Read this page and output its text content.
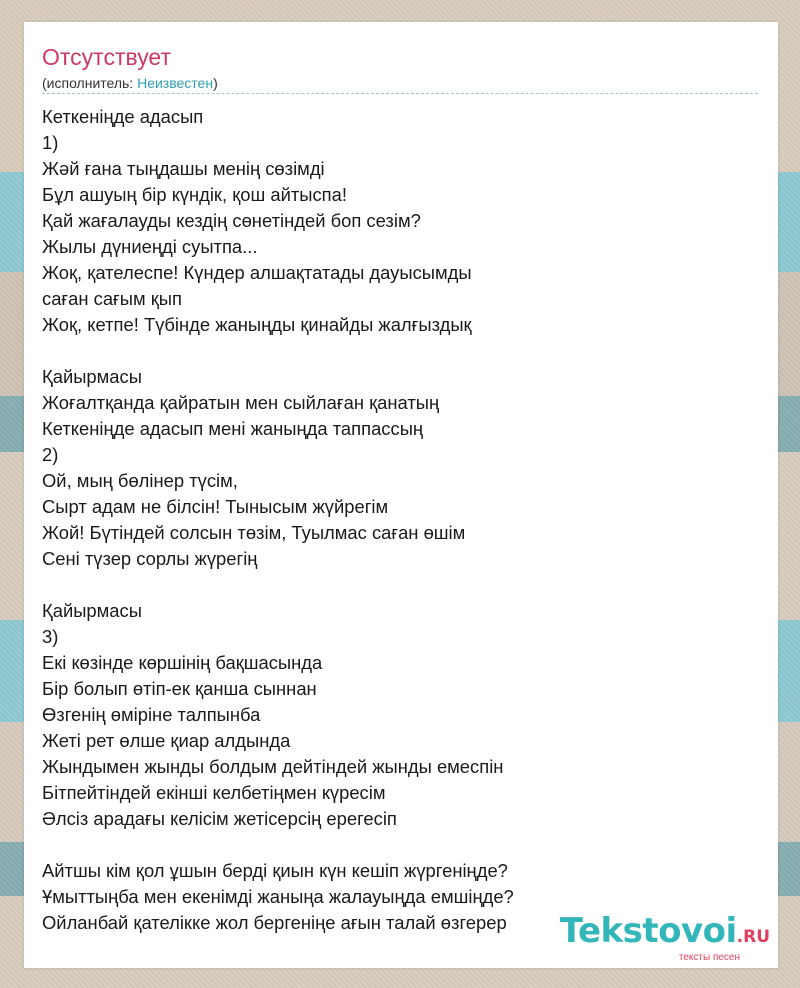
Отсутствует
(исполнитель: Неизвестен)
Кеткеніңде адасып
1)
Жәй ғана тыңдашы менің сөзімді
Бұл ашуың бір күндік, қош айтыспа!
Қай жағалауды кездің сөнетіндей боп сезім?
Жылы дүниеңді суытпа...
Жоқ, қателеспе! Күндер алшақтатады дауысымды
саған сағым қып
Жоқ, кетпе! Түбінде жаныңды қинайды жалғыздық
Қайырмасы
Жоғалтқанда қайратын мен сыйлаған қанатың
Кеткеніңде адасып мені жаныңда таппассың
2)
Ой, мың бөлінер түсім,
Сырт адам не білсін! Тынысым жүйрегім
Жой! Бүтіндей солсын төзім, Туылмас саған өшім
Сені түзер сорлы жүрегің
Қайырмасы
3)
Екі көзінде көршінің бақшасында
Бір болып өтіп-ек қанша сыннан
Өзгенің өміріне талпынба
Жеті рет өлше қиар алдында
Жындымен жынды болдым дейтіндей жынды емеспін
Бітпейтіндей екінші келбетіңмен күресім
Әлсіз арадағы келісім жетісерсің ерегесіп
Айтшы кім қол ұшын берді қиын күн кешіп жүргеніңде?
Ұмыттыңба мен екенімді жаныңа жалауыңда емшіңде?
Ойланбай қателікке жол бергеніңе ағын талай өзгерер	Tekstovoi.RU
тексты песен
